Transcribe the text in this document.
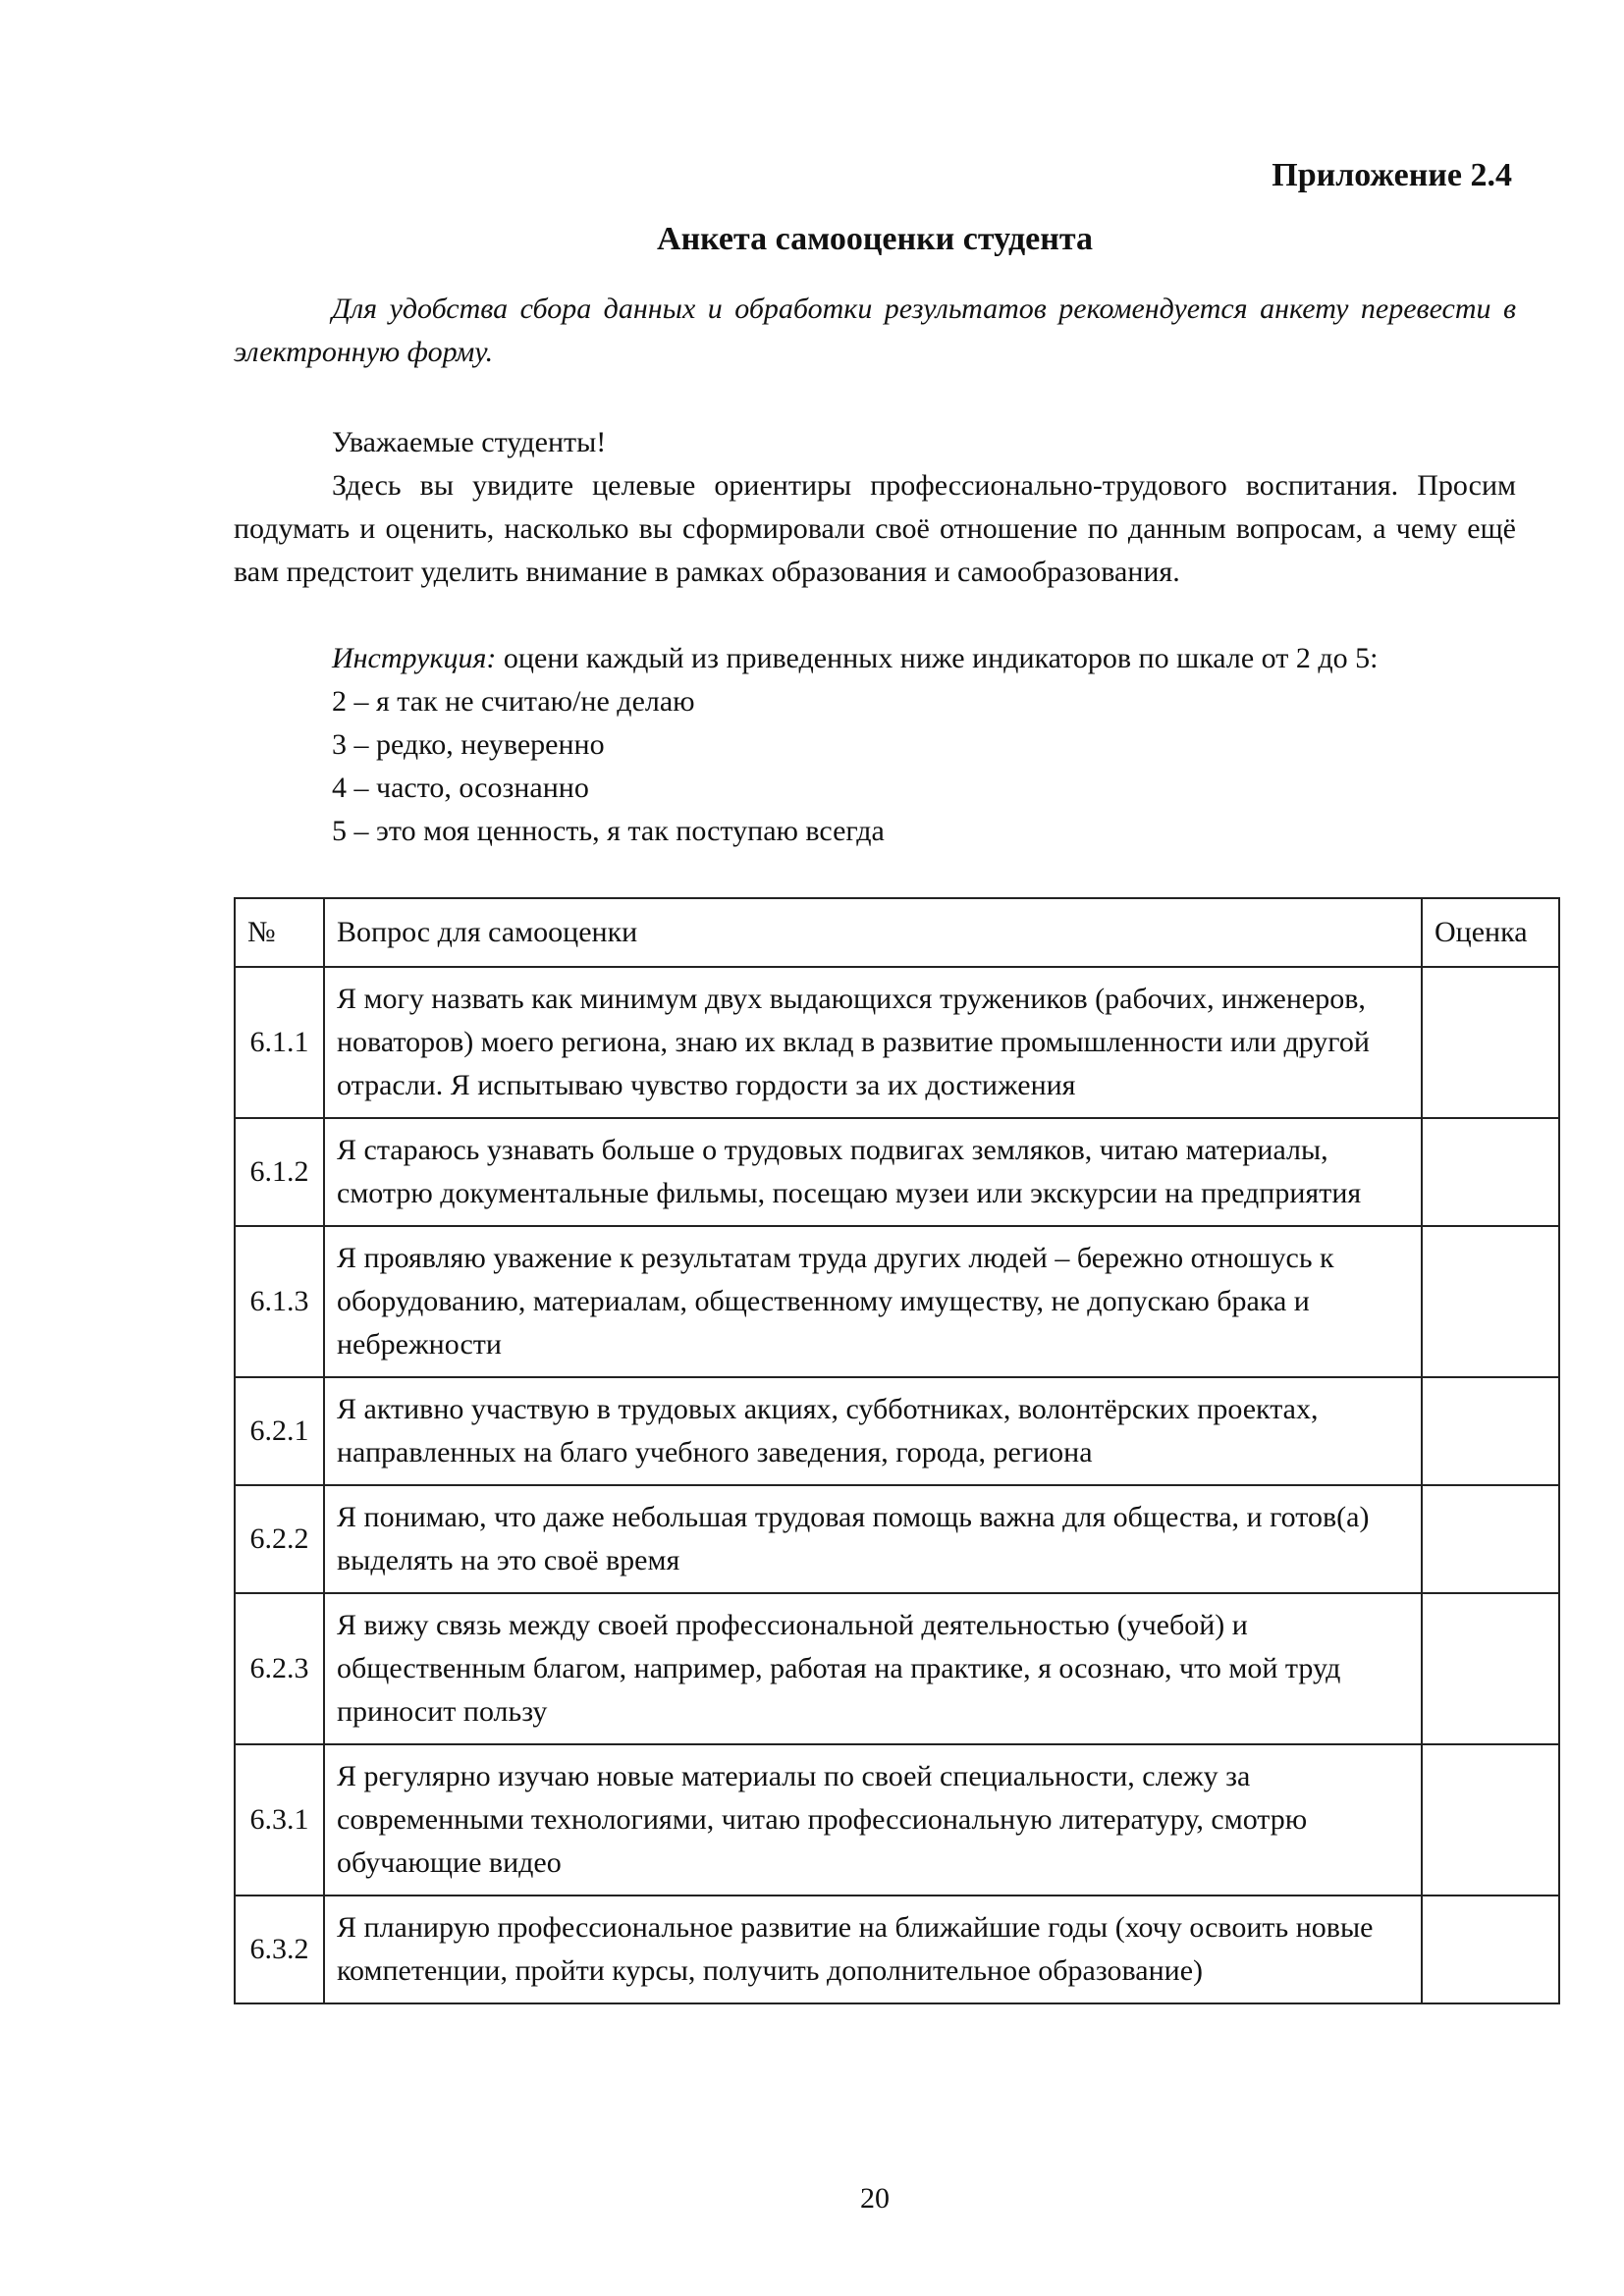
Приложение 2.4
Анкета самооценки студента

Для удобства сбора данных и обработки результатов рекомендуется анкету перевести в электронную форму.

Уважаемые студенты!

Здесь вы увидите целевые ориентиры профессионально-трудового воспитания. Просим подумать и оценить, насколько вы сформировали своё отношение по данным вопросам, а чему ещё вам предстоит уделить внимание в рамках образования и самообразования.

Инструкция: оцени каждый из приведенных ниже индикаторов по шкале от 2 до 5:
2 – я так не считаю/не делаю
3 – редко, неуверенно
4 – часто, осознанно
5 – это моя ценность, я так поступаю всегда
№	Вопрос для самооценки	Оценка
6.1.1	Я могу назвать как минимум двух выдающихся тружеников (рабочих, инженеров, новаторов) моего региона, знаю их вклад в развитие промышленности или другой отрасли. Я испытываю чувство гордости за их достижения	
6.1.2	Я стараюсь узнавать больше о трудовых подвигах земляков, читаю материалы, смотрю документальные фильмы, посещаю музеи или экскурсии на предприятия	
6.1.3	Я проявляю уважение к результатам труда других людей – бережно отношусь к оборудованию, материалам, общественному имуществу, не допускаю брака и небрежности	
6.2.1	Я активно участвую в трудовых акциях, субботниках, волонтёрских проектах, направленных на благо учебного заведения, города, региона	
6.2.2	Я понимаю, что даже небольшая трудовая помощь важна для общества, и готов(а) выделять на это своё время	
6.2.3	Я вижу связь между своей профессиональной деятельностью (учебой) и общественным благом, например, работая на практике, я осознаю, что мой труд приносит пользу	
6.3.1	Я регулярно изучаю новые материалы по своей специальности, слежу за современными технологиями, читаю профессиональную литературу, смотрю обучающие видео	
6.3.2	Я планирую профессиональное развитие на ближайшие годы (хочу освоить новые компетенции, пройти курсы, получить дополнительное образование)	
20
